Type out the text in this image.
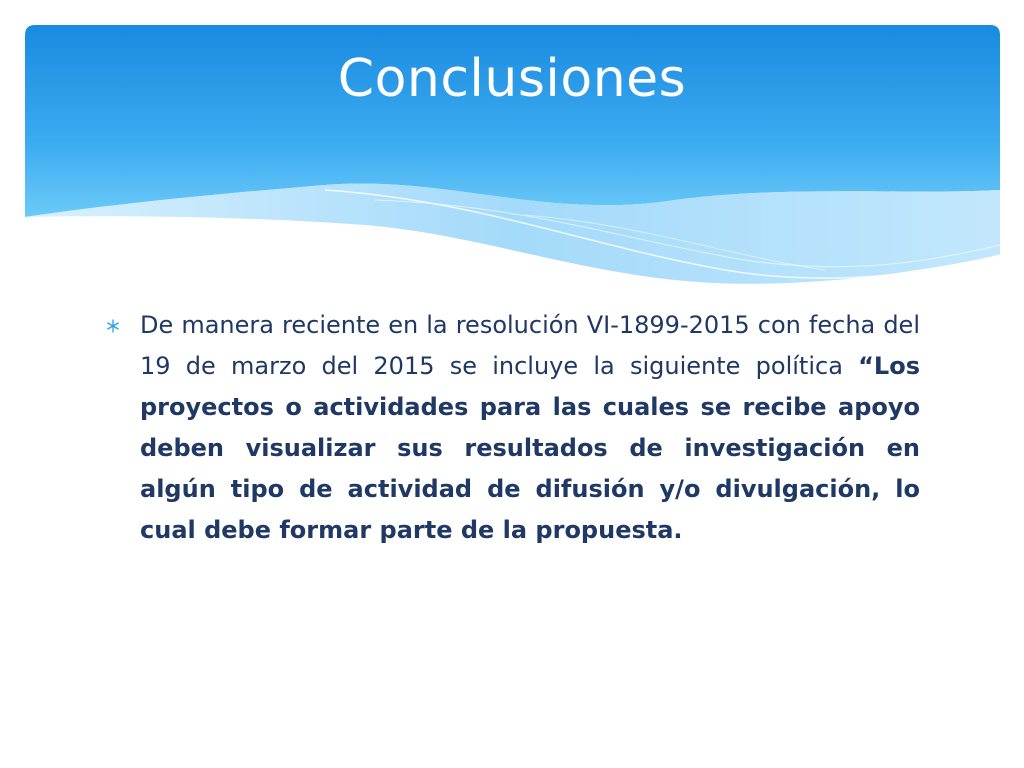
Conclusiones

De manera reciente en la resolución VI-1899-2015 con fecha del 19 de marzo del 2015 se incluye la siguiente política “Los proyectos o actividades para las cuales se recibe apoyo deben visualizar sus resultados de investigación en algún tipo de actividad de difusión y/o divulgación, lo cual debe formar parte de la propuesta.
